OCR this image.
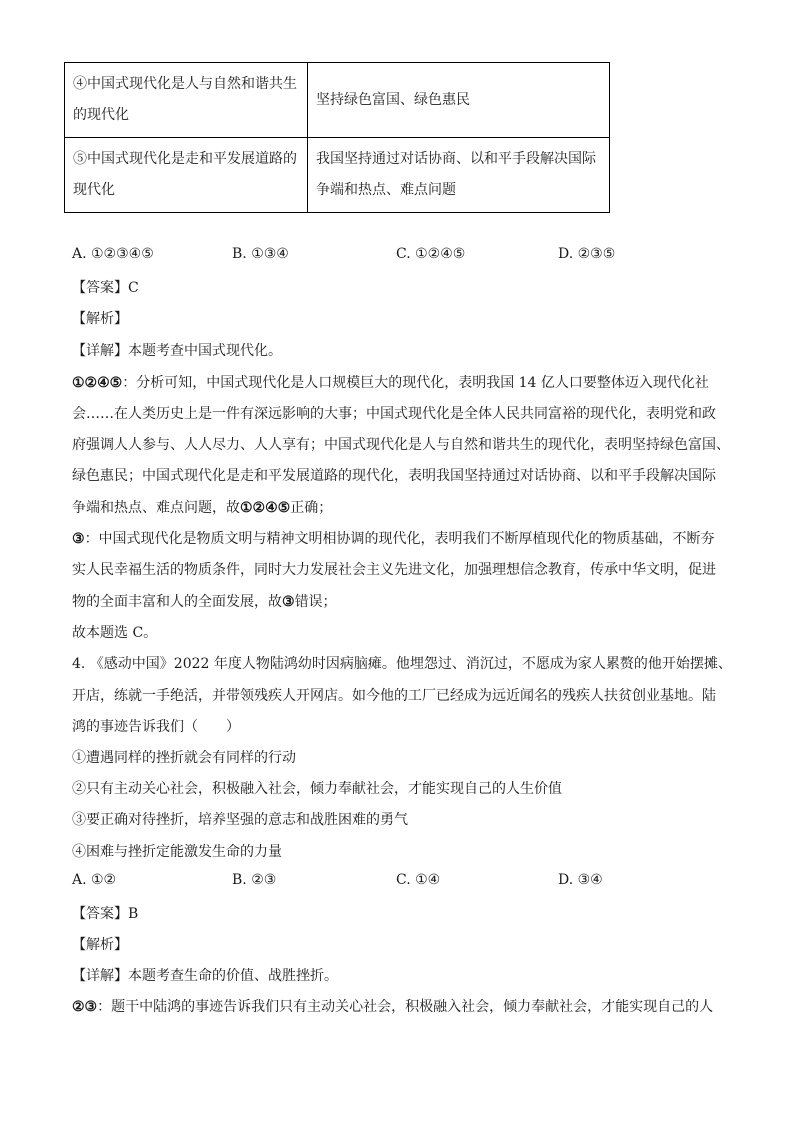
④中国式现代化是人与自然和谐共生
的现代化	坚持绿色富国、绿色惠民
⑤中国式现代化是走和平发展道路的
现代化	我国坚持通过对话协商、以和平手段解决国际
争端和热点、难点问题
A. ①②③④⑤	B. ①③④	C. ①②④⑤	D. ②③⑤
【答案】C
【解析】
【详解】本题考查中国式现代化。
①②④⑤：分析可知，中国式现代化是人口规模巨大的现代化，表明我国 14 亿人口要整体迈入现代化社
会……在人类历史上是一件有深远影响的大事；中国式现代化是全体人民共同富裕的现代化，表明党和政
府强调人人参与、人人尽力、人人享有；中国式现代化是人与自然和谐共生的现代化，表明坚持绿色富国、
绿色惠民；中国式现代化是走和平发展道路的现代化，表明我国坚持通过对话协商、以和平手段解决国际
争端和热点、难点问题，故①②④⑤正确；
③：中国式现代化是物质文明与精神文明相协调的现代化，表明我们不断厚植现代化的物质基础，不断夯
实人民幸福生活的物质条件，同时大力发展社会主义先进文化，加强理想信念教育，传承中华文明，促进
物的全面丰富和人的全面发展，故③错误；
故本题选 C。
4. 《感动中国》2022 年度人物陆鸿幼时因病脑瘫。他埋怨过、消沉过，不愿成为家人累赘的他开始摆摊、
开店，练就一手绝活，并带领残疾人开网店。如今他的工厂已经成为远近闻名的残疾人扶贫创业基地。陆
鸿的事迹告诉我们（　　）
①遭遇同样的挫折就会有同样的行动
②只有主动关心社会，积极融入社会，倾力奉献社会，才能实现自己的人生价值
③要正确对待挫折，培养坚强的意志和战胜困难的勇气
④困难与挫折定能激发生命的力量
A. ①②	B. ②③	C. ①④	D. ③④
【答案】B
【解析】
【详解】本题考查生命的价值、战胜挫折。
②③：题干中陆鸿的事迹告诉我们只有主动关心社会，积极融入社会，倾力奉献社会，才能实现自己的人
